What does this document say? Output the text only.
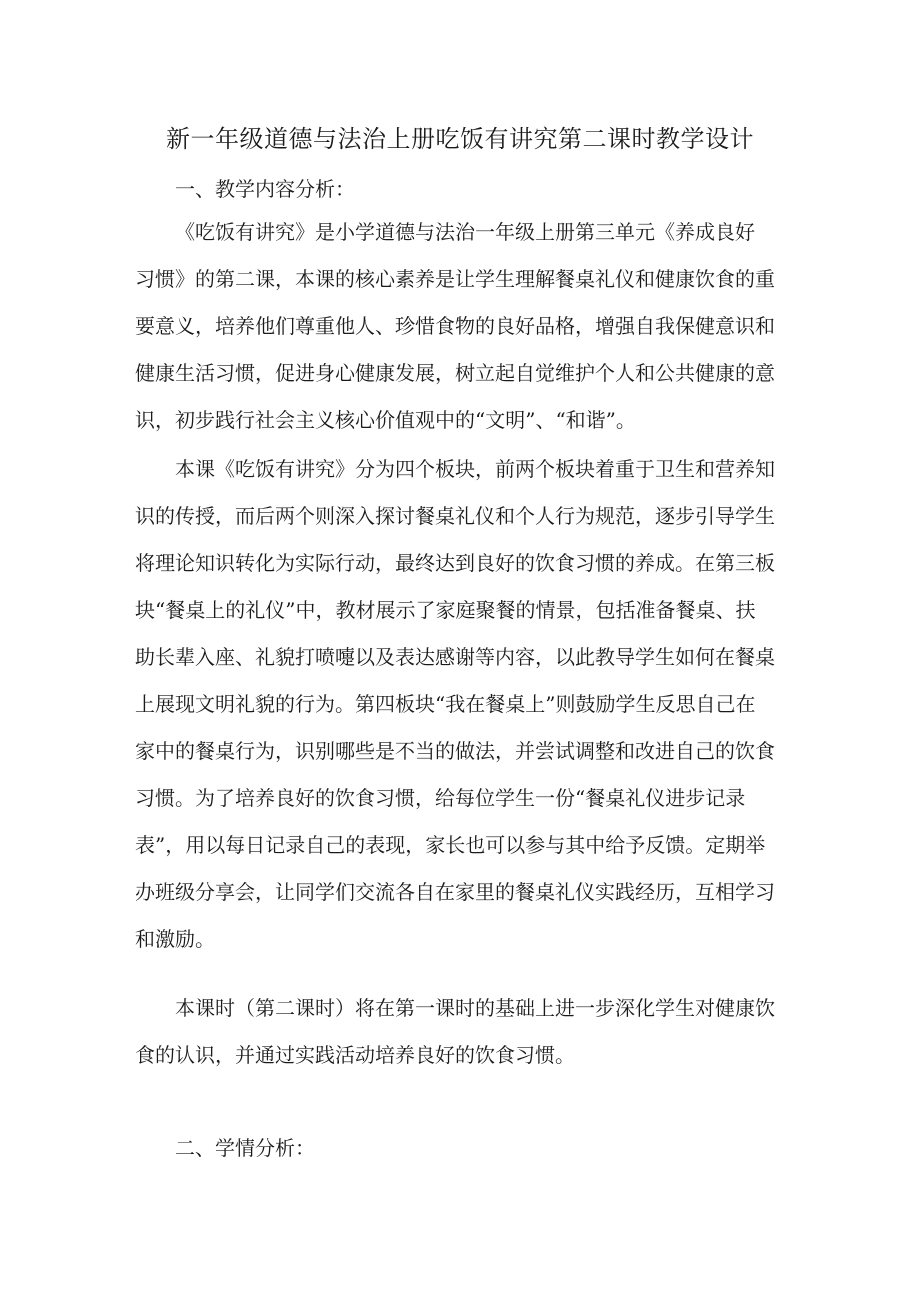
新一年级道德与法治上册吃饭有讲究第二课时教学设计
一、教学内容分析：
《吃饭有讲究》是小学道德与法治一年级上册第三单元《养成良好
习惯》的第二课，本课的核心素养是让学生理解餐桌礼仪和健康饮食的重
要意义，培养他们尊重他人、珍惜食物的良好品格，增强自我保健意识和
健康生活习惯，促进身心健康发展，树立起自觉维护个人和公共健康的意
识，初步践行社会主义核心价值观中的“文明”、“和谐”。
本课《吃饭有讲究》分为四个板块，前两个板块着重于卫生和营养知
识的传授，而后两个则深入探讨餐桌礼仪和个人行为规范，逐步引导学生
将理论知识转化为实际行动，最终达到良好的饮食习惯的养成。在第三板
块“餐桌上的礼仪”中，教材展示了家庭聚餐的情景，包括准备餐桌、扶
助长辈入座、礼貌打喷嚏以及表达感谢等内容，以此教导学生如何在餐桌
上展现文明礼貌的行为。第四板块“我在餐桌上”则鼓励学生反思自己在
家中的餐桌行为，识别哪些是不当的做法，并尝试调整和改进自己的饮食
习惯。为了培养良好的饮食习惯，给每位学生一份“餐桌礼仪进步记录
表”，用以每日记录自己的表现，家长也可以参与其中给予反馈。定期举
办班级分享会，让同学们交流各自在家里的餐桌礼仪实践经历，互相学习
和激励。
本课时（第二课时）将在第一课时的基础上进一步深化学生对健康饮
食的认识，并通过实践活动培养良好的饮食习惯。
二、学情分析：
